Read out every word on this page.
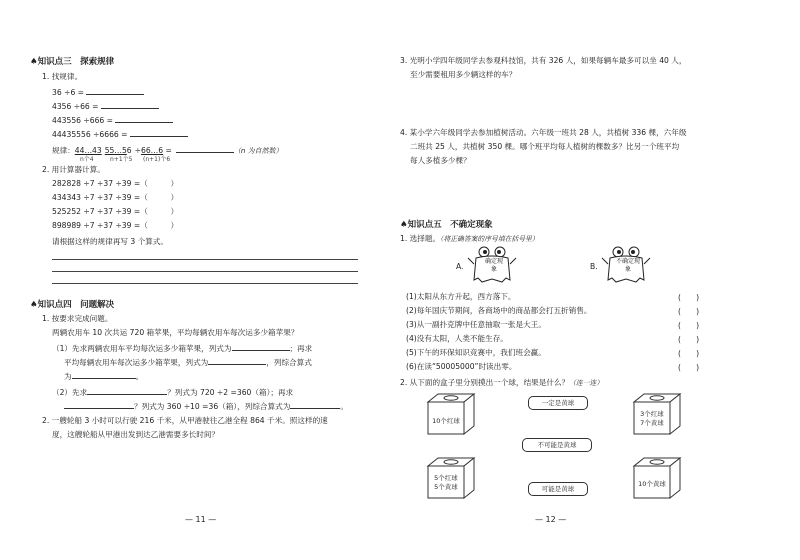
♠知识点三　探索规律
1. 找规律。
36 ÷6 =
4356 ÷66 =
443556 ÷666 =
44435556 ÷6666 =
规律：44…43 55…56 ÷66…6 =	（n 为自然数）
n个4	n+1个5 (n+1)个6
2. 用计算器计算。
282828 ÷7 ÷37 ÷39 =（　　　）
434343 ÷7 ÷37 ÷39 =（　　　）
525252 ÷7 ÷37 ÷39 =（　　　）
898989 ÷7 ÷37 ÷39 =（　　　）
请根据这样的规律再写 3 个算式。
♠知识点四　问题解决
1. 按要求完成问题。
两辆农用车 10 次共运 720 箱苹果，平均每辆农用车每次运多少箱苹果？
（1）先求两辆农用车平均每次运多少箱苹果，列式为	；再求
平均每辆农用车每次运多少箱苹果，列式为	，列综合算式
为	。
（2）先求	？列式为 720 ÷2 =360（箱）；再求
？列式为 360 ÷10 =36（箱），列综合算式为	。
2. 一艘轮船 3 小时可以行驶 216 千米，从甲港驶往乙港全程 864 千米。照这样的速
度，这艘轮船从甲港出发到达乙港需要多长时间？
— 11 —
3. 光明小学四年级同学去参观科技馆，共有 326 人，如果每辆车最多可以坐 40 人，
至少需要租用多少辆这样的车？
4. 某小学六年级同学去参加植树活动。六年级一班共 28 人，共植树 336 棵，六年级
二班共 25 人，共植树 350 棵。哪个班平均每人植树的棵数多？比另一个班平均
每人多植多少棵？
♠知识点五　不确定现象
1. 选择题。（将正确答案的序号填在括号里）
A.
确定现象	B.
不确定现象
(1)太阳从东方升起，西方落下。	(　　)
(2)每年国庆节期间，各商场中的商品都会打五折销售。	(　　)
(3)从一副扑克牌中任意抽取一张是大王。	(　　)
(4)没有太阳，人类不能生存。	(　　)
(5)下午的环保知识竞赛中，我们班会赢。	(　　)
(6)在读“50005000”时读出零。	(　　)
2. 从下面的盒子里分别摸出一个球，结果是什么？（连一连）
10个红球
3个红球
7个黄球
5个红球
5个黄球	10个黄球
一定是黄球
不可能是黄球
可能是黄球
— 12 —
